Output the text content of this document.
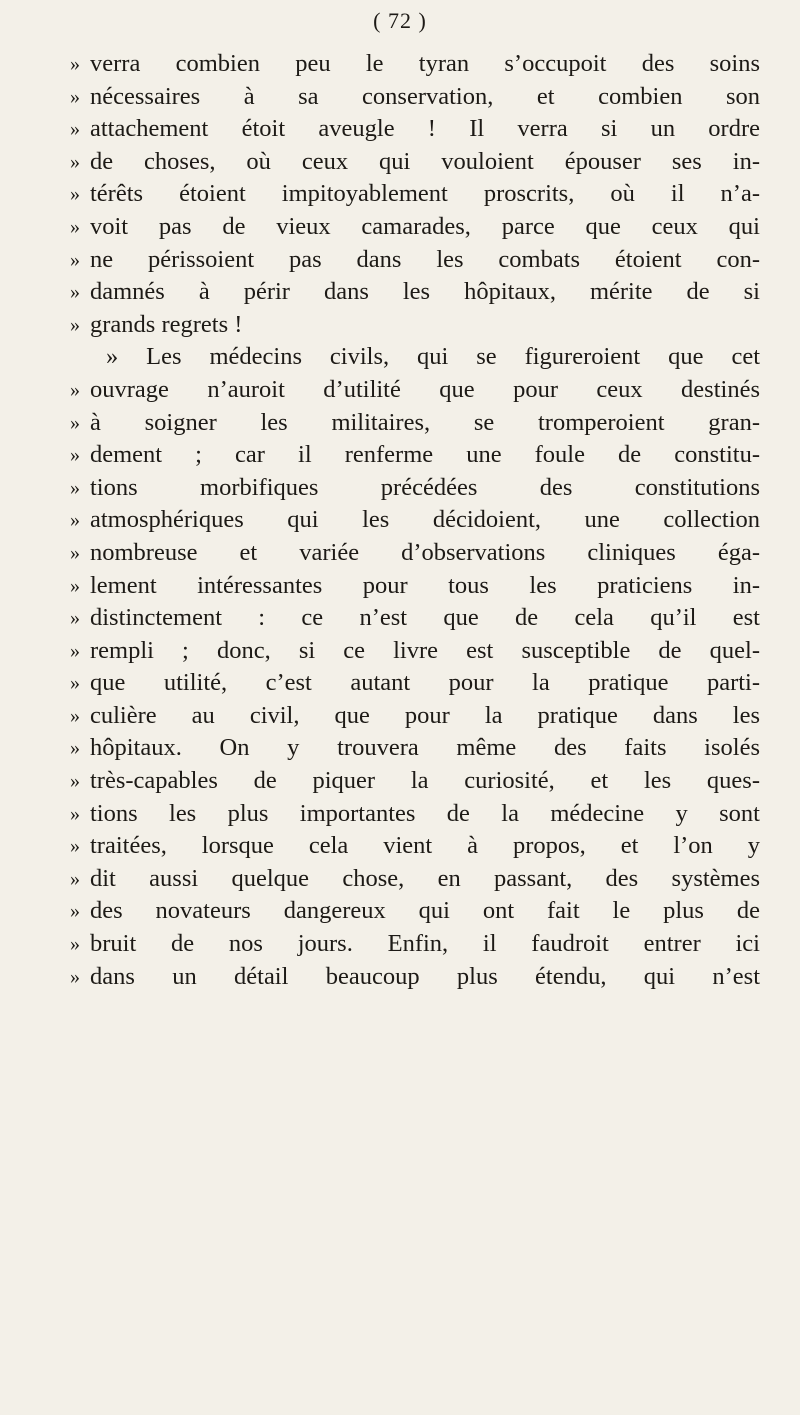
( 72 )
» verra combien peu le tyran s’occupoit des soins
» nécessaires à sa conservation, et combien son
» attachement étoit aveugle ! Il verra si un ordre
» de choses, où ceux qui vouloient épouser ses in-
» térêts étoient impitoyablement proscrits, où il n’a-
» voit pas de vieux camarades, parce que ceux qui
» ne périssoient pas dans les combats étoient con-
» damnés à périr dans les hôpitaux, mérite de si
» grands regrets !
» Les médecins civils, qui se figureroient que cet
» ouvrage n’auroit d’utilité que pour ceux destinés
» à soigner les militaires, se tromperoient gran-
» dement ; car il renferme une foule de constitu-
» tions morbifiques précédées des constitutions
» atmosphériques qui les décidoient, une collection
» nombreuse et variée d’observations cliniques éga-
» lement intéressantes pour tous les praticiens in-
» distinctement : ce n’est que de cela qu’il est
» rempli ; donc, si ce livre est susceptible de quel-
» que utilité, c’est autant pour la pratique parti-
» culière au civil, que pour la pratique dans les
» hôpitaux. On y trouvera même des faits isolés
» très-capables de piquer la curiosité, et les ques-
» tions les plus importantes de la médecine y sont
» traitées, lorsque cela vient à propos, et l’on y
» dit aussi quelque chose, en passant, des systèmes
» des novateurs dangereux qui ont fait le plus de
» bruit de nos jours. Enfin, il faudroit entrer ici
» dans un détail beaucoup plus étendu, qui n’est
